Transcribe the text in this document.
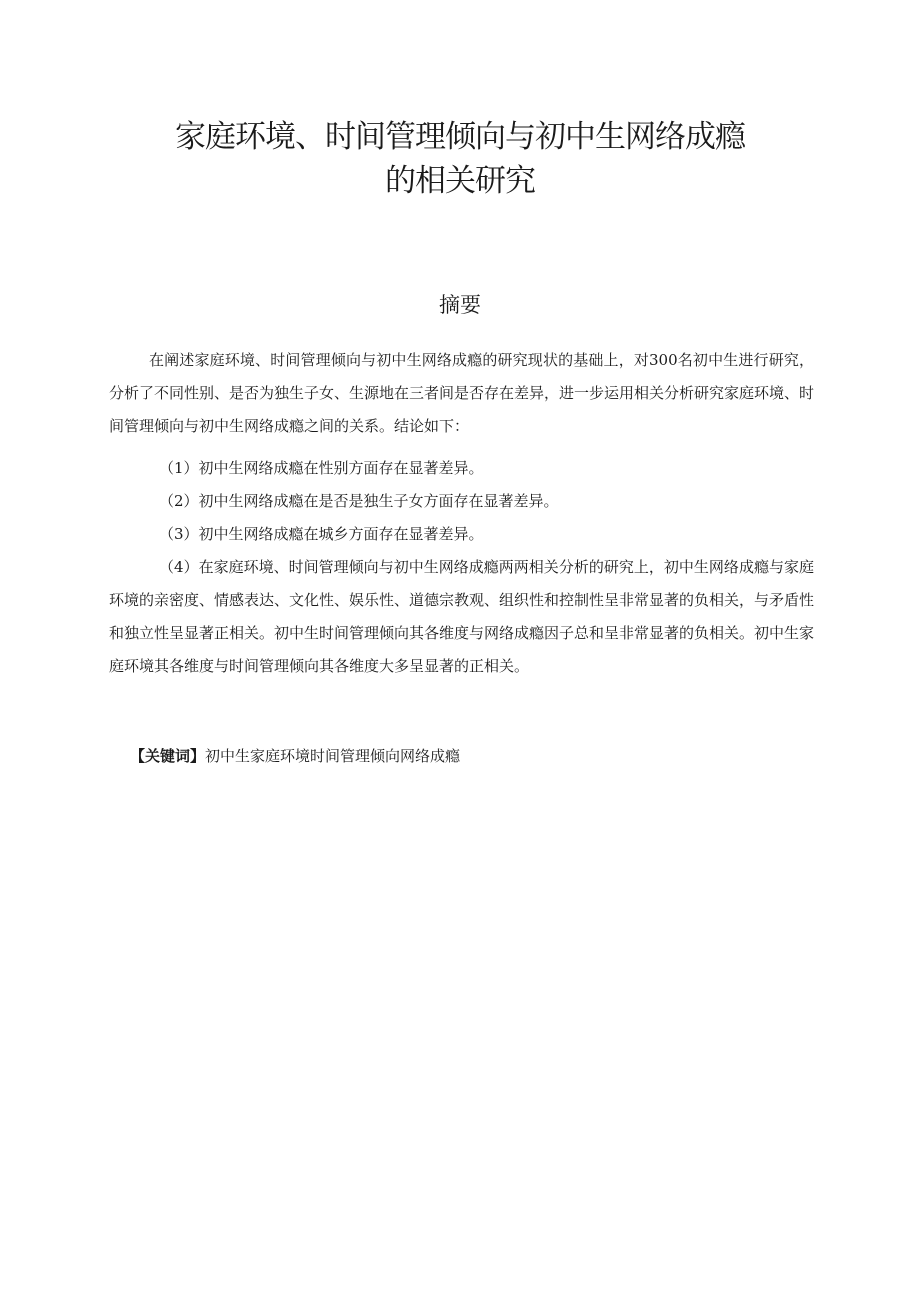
家庭环境、时间管理倾向与初中生网络成瘾
的相关研究
摘要

在阐述家庭环境、时间管理倾向与初中生网络成瘾的研究现状的基础上，对300名初中生进行研究，分析了不同性别、是否为独生子女、生源地在三者间是否存在差异，进一步运用相关分析研究家庭环境、时间管理倾向与初中生网络成瘾之间的关系。结论如下：

（1）初中生网络成瘾在性别方面存在显著差异。

（2）初中生网络成瘾在是否是独生子女方面存在显著差异。

（3）初中生网络成瘾在城乡方面存在显著差异。

（4）在家庭环境、时间管理倾向与初中生网络成瘾两两相关分析的研究上，初中生网络成瘾与家庭环境的亲密度、情感表达、文化性、娱乐性、道德宗教观、组织性和控制性呈非常显著的负相关，与矛盾性和独立性呈显著正相关。初中生时间管理倾向其各维度与网络成瘾因子总和呈非常显著的负相关。初中生家庭环境其各维度与时间管理倾向其各维度大多呈显著的正相关。

【关键词】初中生家庭环境时间管理倾向网络成瘾
